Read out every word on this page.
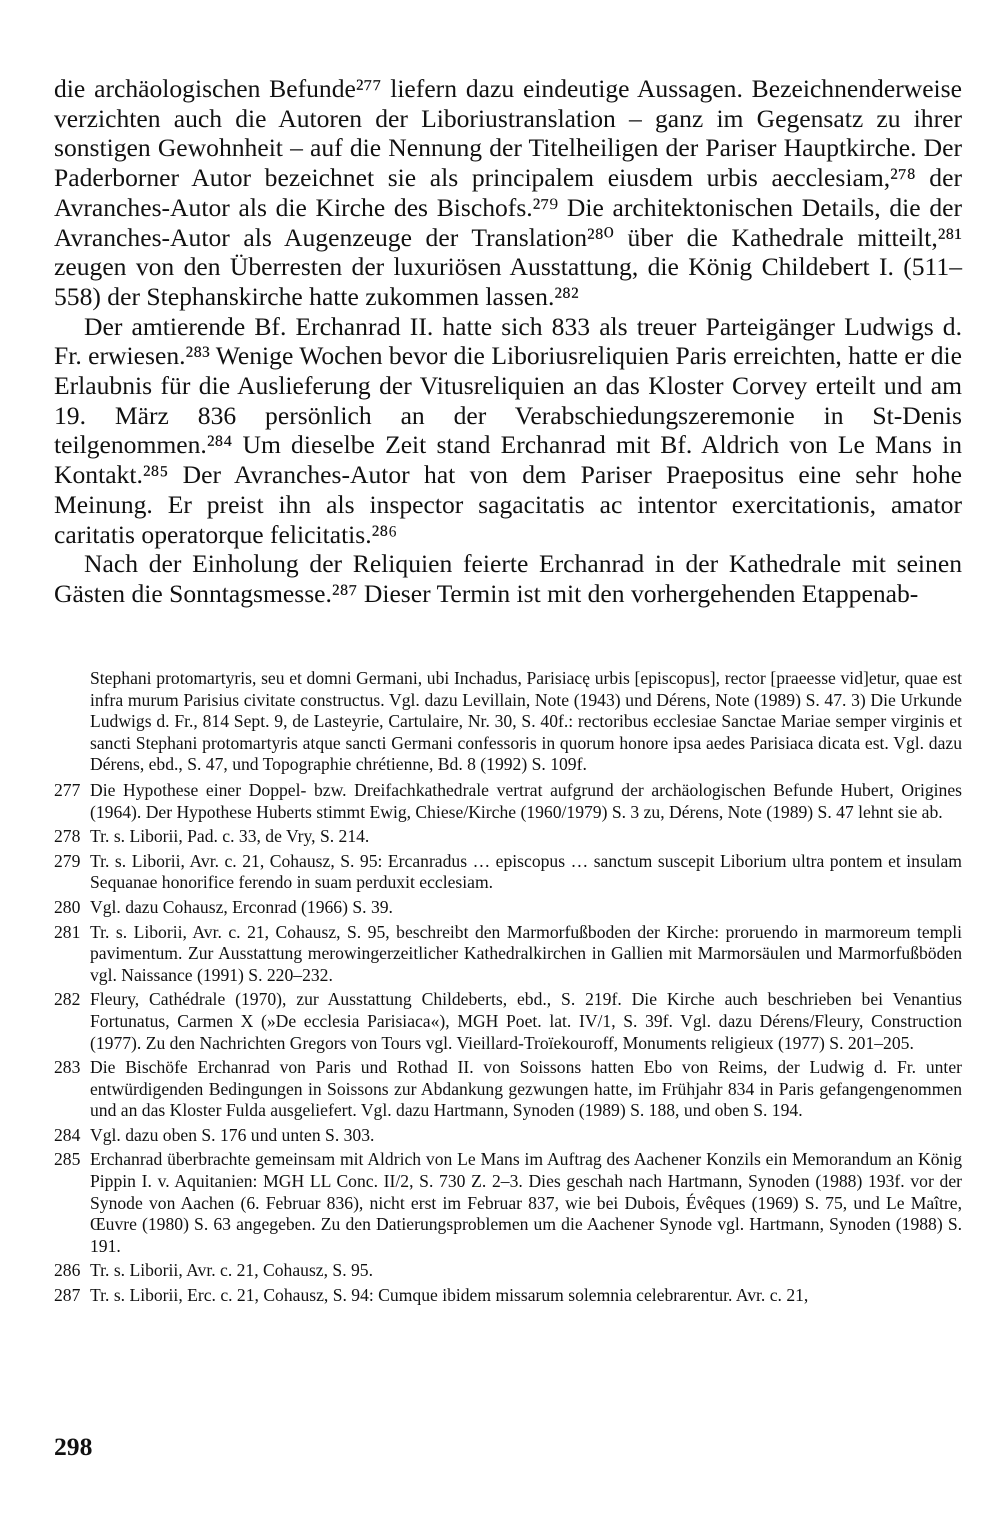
die archäologischen Befunde²⁷⁷ liefern dazu eindeutige Aussagen. Bezeichnenderweise verzichten auch die Autoren der Liboriustranslation – ganz im Gegensatz zu ihrer sonstigen Gewohnheit – auf die Nennung der Titelheiligen der Pariser Hauptkirche. Der Paderborner Autor bezeichnet sie als principalem eiusdem urbis aecclesiam,²⁷⁸ der Avranches-Autor als die Kirche des Bischofs.²⁷⁹ Die architektonischen Details, die der Avranches-Autor als Augenzeuge der Translation²⁸⁰ über die Kathedrale mitteilt,²⁸¹ zeugen von den Überresten der luxuriösen Ausstattung, die König Childebert I. (511–558) der Stephanskirche hatte zukommen lassen.²⁸²

Der amtierende Bf. Erchanrad II. hatte sich 833 als treuer Parteigänger Ludwigs d. Fr. erwiesen.²⁸³ Wenige Wochen bevor die Liboriusreliquien Paris erreichten, hatte er die Erlaubnis für die Auslieferung der Vitusreliquien an das Kloster Corvey erteilt und am 19. März 836 persönlich an der Verabschiedungszeremonie in St-Denis teilgenommen.²⁸⁴ Um dieselbe Zeit stand Erchanrad mit Bf. Aldrich von Le Mans in Kontakt.²⁸⁵ Der Avranches-Autor hat von dem Pariser Praepositus eine sehr hohe Meinung. Er preist ihn als inspector sagacitatis ac intentor exercitationis, amator caritatis operatorque felicitatis.²⁸⁶

Nach der Einholung der Reliquien feierte Erchanrad in der Kathedrale mit seinen Gästen die Sonntagsmesse.²⁸⁷ Dieser Termin ist mit den vorhergehenden Etappenab-

Stephani protomartyris, seu et domni Germani, ubi Inchadus, Parisiacę urbis [episcopus], rector [praeesse vid]etur, quae est infra murum Parisius civitate constructus. Vgl. dazu Levillain, Note (1943) und Dérens, Note (1989) S. 47. 3) Die Urkunde Ludwigs d. Fr., 814 Sept. 9, de Lasteyrie, Cartulaire, Nr. 30, S. 40f.: rectoribus ecclesiae Sanctae Mariae semper virginis et sancti Stephani protomartyris atque sancti Germani confessoris in quorum honore ipsa aedes Parisiaca dicata est. Vgl. dazu Dérens, ebd., S. 47, und Topographie chrétienne, Bd. 8 (1992) S. 109f.

277 Die Hypothese einer Doppel- bzw. Dreifachkathedrale vertrat aufgrund der archäologischen Befunde Hubert, Origines (1964). Der Hypothese Huberts stimmt Ewig, Chiese/Kirche (1960/1979) S. 3 zu, Dérens, Note (1989) S. 47 lehnt sie ab.

278 Tr. s. Liborii, Pad. c. 33, de Vry, S. 214.

279 Tr. s. Liborii, Avr. c. 21, Cohausz, S. 95: Ercanradus … episcopus … sanctum suscepit Liborium ultra pontem et insulam Sequanae honorifice ferendo in suam perduxit ecclesiam.

280 Vgl. dazu Cohausz, Erconrad (1966) S. 39.

281 Tr. s. Liborii, Avr. c. 21, Cohausz, S. 95, beschreibt den Marmorfußboden der Kirche: proruendo in marmoreum templi pavimentum. Zur Ausstattung merowingerzeitlicher Kathedralkirchen in Gallien mit Marmorsäulen und Marmorfußböden vgl. Naissance (1991) S. 220–232.

282 Fleury, Cathédrale (1970), zur Ausstattung Childeberts, ebd., S. 219f. Die Kirche auch beschrieben bei Venantius Fortunatus, Carmen X (»De ecclesia Parisiaca«), MGH Poet. lat. IV/1, S. 39f. Vgl. dazu Dérens/Fleury, Construction (1977). Zu den Nachrichten Gregors von Tours vgl. Vieillard-Troïekouroff, Monuments religieux (1977) S. 201–205.

283 Die Bischöfe Erchanrad von Paris und Rothad II. von Soissons hatten Ebo von Reims, der Ludwig d. Fr. unter entwürdigenden Bedingungen in Soissons zur Abdankung gezwungen hatte, im Frühjahr 834 in Paris gefangengenommen und an das Kloster Fulda ausgeliefert. Vgl. dazu Hartmann, Synoden (1989) S. 188, und oben S. 194.

284 Vgl. dazu oben S. 176 und unten S. 303.

285 Erchanrad überbrachte gemeinsam mit Aldrich von Le Mans im Auftrag des Aachener Konzils ein Memorandum an König Pippin I. v. Aquitanien: MGH LL Conc. II/2, S. 730 Z. 2–3. Dies geschah nach Hartmann, Synoden (1988) 193f. vor der Synode von Aachen (6. Februar 836), nicht erst im Februar 837, wie bei Dubois, Évêques (1969) S. 75, und Le Maître, Œuvre (1980) S. 63 angegeben. Zu den Datierungsproblemen um die Aachener Synode vgl. Hartmann, Synoden (1988) S. 191.

286 Tr. s. Liborii, Avr. c. 21, Cohausz, S. 95.

287 Tr. s. Liborii, Erc. c. 21, Cohausz, S. 94: Cumque ibidem missarum solemnia celebrarentur. Avr. c. 21,

298
